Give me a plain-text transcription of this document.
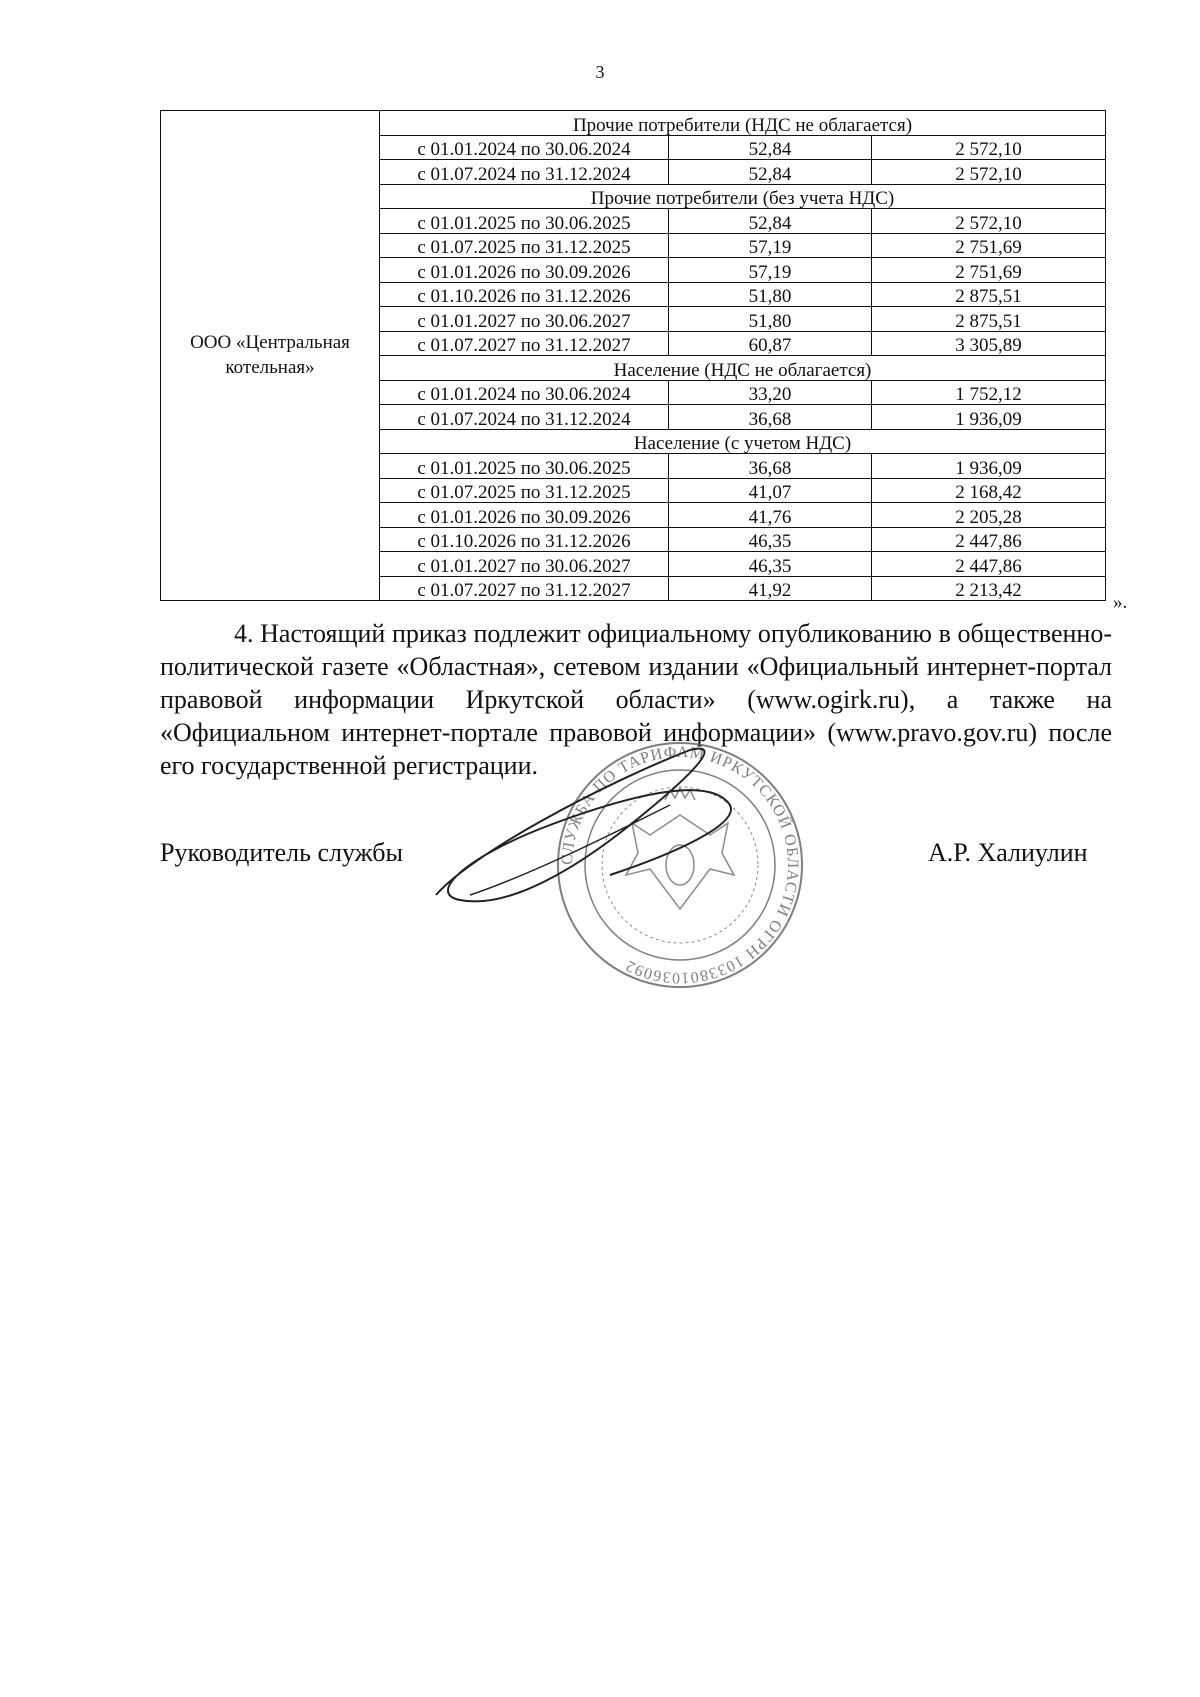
3
ООО «Центральная котельная»	Прочие потребители (НДС не облагается)		
	с 01.01.2024 по 30.06.2024	52,84	2 572,10
	с 01.07.2024 по 31.12.2024	52,84	2 572,10
	Прочие потребители (без учета НДС)		
	с 01.01.2025 по 30.06.2025	52,84	2 572,10
	с 01.07.2025 по 31.12.2025	57,19	2 751,69
	с 01.01.2026 по 30.09.2026	57,19	2 751,69
	с 01.10.2026 по 31.12.2026	51,80	2 875,51
	с 01.01.2027 по 30.06.2027	51,80	2 875,51
	с 01.07.2027 по 31.12.2027	60,87	3 305,89
	Население (НДС не облагается)		
	с 01.01.2024 по 30.06.2024	33,20	1 752,12
	с 01.07.2024 по 31.12.2024	36,68	1 936,09
	Население (с учетом НДС)		
	с 01.01.2025 по 30.06.2025	36,68	1 936,09
	с 01.07.2025 по 31.12.2025	41,07	2 168,42
	с 01.01.2026 по 30.09.2026	41,76	2 205,28
	с 01.10.2026 по 31.12.2026	46,35	2 447,86
	с 01.01.2027 по 30.06.2027	46,35	2 447,86
	с 01.07.2027 по 31.12.2027	41,92	2 213,42
».

4. Настоящий приказ подлежит официальному опубликованию в общественно-политической газете «Областная», сетевом издании «Официальный интернет-портал правовой информации Иркутской области» (www.ogirk.ru), а также на «Официальном интернет-портале правовой информации» (www.pravo.gov.ru) после его государственной регистрации.

Руководитель службы	А.Р. Халиулин
СЛУЖБА ПО ТАРИФАМ ИРКУТСКОЙ ОБЛАСТИ ОГРН 1033801036092
